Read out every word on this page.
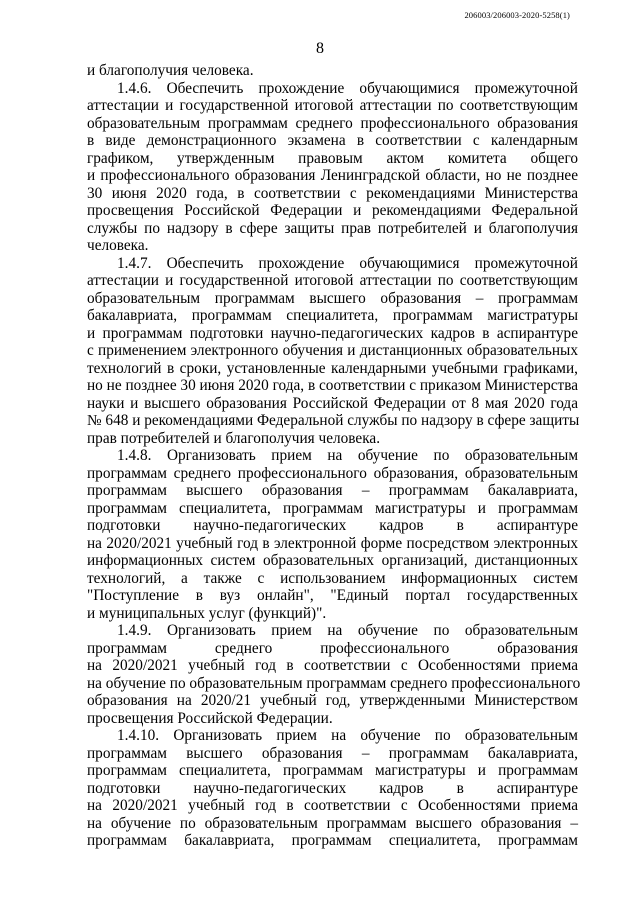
206003/206003-2020-5258(1)
8
и благополучия человека.
1.4.6. Обеспечить прохождение обучающимися промежуточной
аттестации и государственной итоговой аттестации по соответствующим
образовательным программам среднего профессионального образования
в виде демонстрационного экзамена в соответствии с календарным
графиком, утвержденным правовым актом комитета общего
и профессионального образования Ленинградской области, но не позднее
30 июня 2020 года, в соответствии с рекомендациями Министерства
просвещения Российской Федерации и рекомендациями Федеральной
службы по надзору в сфере защиты прав потребителей и благополучия
человека.
1.4.7. Обеспечить прохождение обучающимися промежуточной
аттестации и государственной итоговой аттестации по соответствующим
образовательным программам высшего образования – программам
бакалавриата, программам специалитета, программам магистратуры
и программам подготовки научно-педагогических кадров в аспирантуре
с применением электронного обучения и дистанционных образовательных
технологий в сроки, установленные календарными учебными графиками,
но не позднее 30 июня 2020 года, в соответствии с приказом Министерства
науки и высшего образования Российской Федерации от 8 мая 2020 года
№ 648 и рекомендациями Федеральной службы по надзору в сфере защиты
прав потребителей и благополучия человека.
1.4.8. Организовать прием на обучение по образовательным
программам среднего профессионального образования, образовательным
программам высшего образования – программам бакалавриата,
программам специалитета, программам магистратуры и программам
подготовки научно-педагогических кадров в аспирантуре
на 2020/2021 учебный год в электронной форме посредством электронных
информационных систем образовательных организаций, дистанционных
технологий, а также с использованием информационных систем
"Поступление в вуз онлайн", "Единый портал государственных
и муниципальных услуг (функций)".
1.4.9. Организовать прием на обучение по образовательным
программам среднего профессионального образования
на 2020/2021 учебный год в соответствии с Особенностями приема
на обучение по образовательным программам среднего профессионального
образования на 2020/21 учебный год, утвержденными Министерством
просвещения Российской Федерации.
1.4.10. Организовать прием на обучение по образовательным
программам высшего образования – программам бакалавриата,
программам специалитета, программам магистратуры и программам
подготовки научно-педагогических кадров в аспирантуре
на 2020/2021 учебный год в соответствии с Особенностями приема
на обучение по образовательным программам высшего образования –
программам бакалавриата, программам специалитета, программам
